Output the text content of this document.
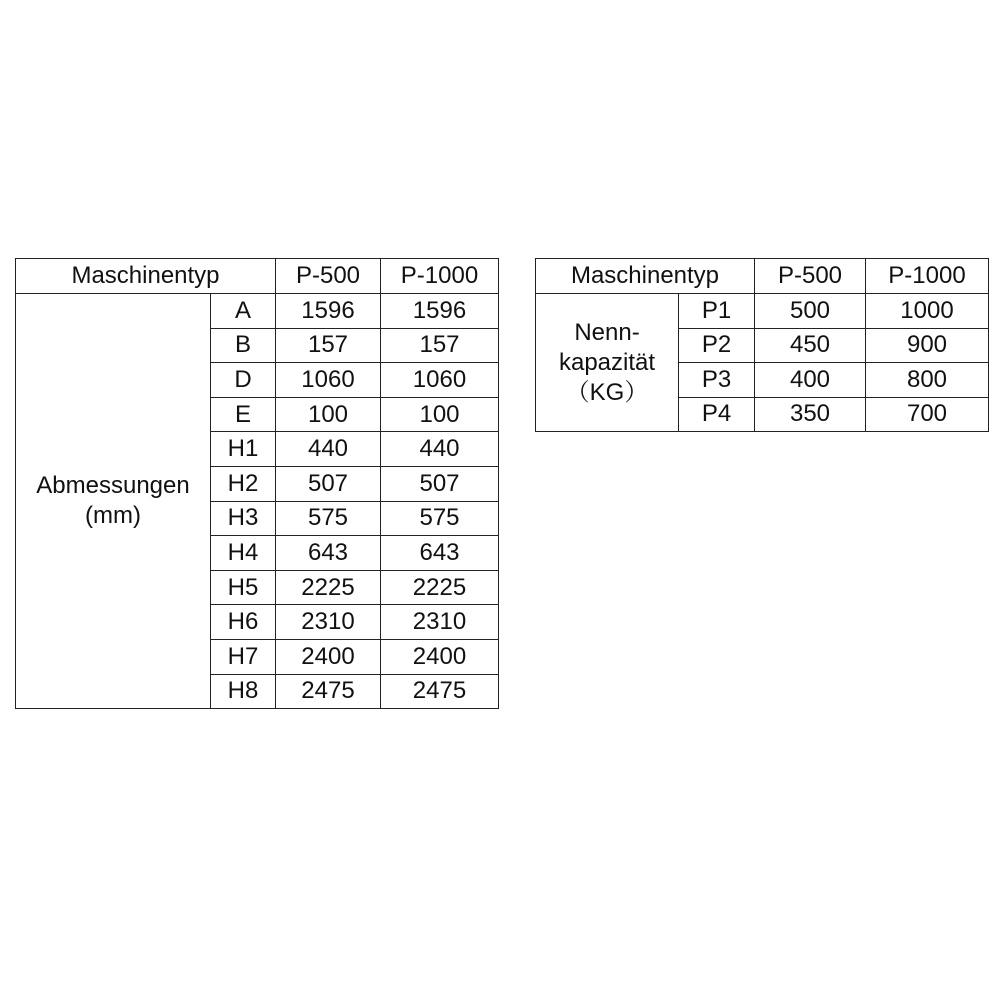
Maschinentyp		P-500	P-1000

Abmessungen
(mm)	A	1596	1596
	B	157	157
	D	1060	1060
	E	100	100
	H1	440	440
	H2	507	507
	H3	575	575
	H4	643	643
	H5	2225	2225
	H6	2310	2310
	H7	2400	2400
	H8	2475	2475
Maschinentyp		P-500	P-1000

Nenn-
kapazität
（KG）	P1	500	1000
	P2	450	900
	P3	400	800
	P4	350	700
